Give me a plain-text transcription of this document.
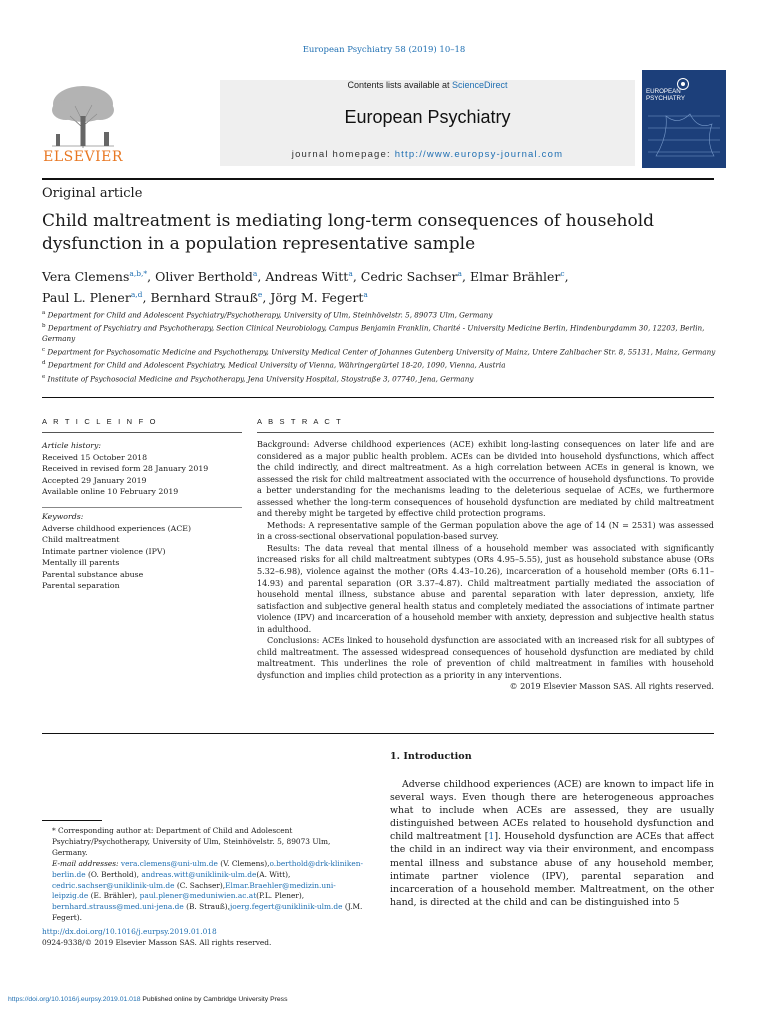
European Psychiatry 58 (2019) 10–18
ELSEVIER
Contents lists available at ScienceDirect
European Psychiatry
journal homepage: http://www.europsy-journal.com
EUROPEAN
PSYCHIATRY
Original article
Child maltreatment is mediating long-term consequences of household dysfunction in a population representative sample
Vera Clemens$^{a,b,*}$, Oliver Berthold$^a$, Andreas Witt$^a$, Cedric Sachser$^a$, Elmar Brähler$^c$,
Paul L. Plener$^{a,d}$, Bernhard Strauß$^e$, Jörg M. Fegert$^a$
$^a$ Department for Child and Adolescent Psychiatry/Psychotherapy, University of Ulm, Steinhövelstr. 5, 89073 Ulm, Germany
$^b$ Department of Psychiatry and Psychotherapy, Section Clinical Neurobiology, Campus Benjamin Franklin, Charité - University Medicine Berlin, Hindenburgdamm 30, 12203, Berlin, Germany
$^c$ Department for Psychosomatic Medicine and Psychotherapy, University Medical Center of Johannes Gutenberg University of Mainz, Untere Zahlbacher Str. 8, 55131, Mainz, Germany
$^d$ Department for Child and Adolescent Psychiatry, Medical University of Vienna, Währingergürtel 18-20, 1090, Vienna, Austria
$^e$ Institute of Psychosocial Medicine and Psychotherapy, Jena University Hospital, Stoystraße 3, 07740, Jena, Germany
A R T I C L E I N F O
Article history:
Received 15 October 2018
Received in revised form 28 January 2019
Accepted 29 January 2019
Available online 10 February 2019
Keywords:
Adverse childhood experiences (ACE)
Child maltreatment
Intimate partner violence (IPV)
Mentally ill parents
Parental substance abuse
Parental separation
A B S T R A C T

Background: Adverse childhood experiences (ACE) exhibit long-lasting consequences on later life and are considered as a major public health problem. ACEs can be divided into household dysfunctions, which affect the child indirectly, and direct maltreatment. As a high correlation between ACEs in general is known, we assessed the risk for child maltreatment associated with the occurrence of household dysfunctions. To provide a better understanding for the mechanisms leading to the deleterious sequelae of ACEs, we furthermore assessed whether the long-term consequences of household dysfunction are mediated by child maltreatment and thereby might be targeted by effective child protection programs.

Methods: A representative sample of the German population above the age of 14 (N = 2531) was assessed in a cross-sectional observational population-based survey.

Results: The data reveal that mental illness of a household member was associated with significantly increased risks for all child maltreatment subtypes (ORs 4.95–5.55), just as household substance abuse (ORs 5.32–6.98), violence against the mother (ORs 4.43–10.26), incarceration of a household member (ORs 6.11–14.93) and parental separation (OR 3.37–4.87). Child maltreatment partially mediated the association of household mental illness, substance abuse and parental separation with later depression, anxiety, life satisfaction and subjective general health status and completely mediated the associations of intimate partner violence (IPV) and incarceration of a household member with anxiety, depression and subjective health status in adulthood.

Conclusions: ACEs linked to household dysfunction are associated with an increased risk for all subtypes of child maltreatment. The assessed widespread consequences of household dysfunction are mediated by child maltreatment. This underlines the role of prevention of child maltreatment in families with household dysfunction and implies child protection as a priority in any interventions.

© 2019 Elsevier Masson SAS. All rights reserved.

1. Introduction
Adverse childhood experiences (ACE) are known to impact life in several ways. Even though there are heterogeneous approaches what to include when ACEs are assessed, they are usually distinguished between ACEs related to household dysfunction and child maltreatment [1]. Household dysfunction are ACEs that affect the child in an indirect way via their environment, and encompass mental illness and substance abuse of any household member, intimate partner violence (IPV), parental separation and incarceration of a household member. Maltreatment, on the other hand, is directed at the child and can be distinguished into 5
* Corresponding author at: Department of Child and Adolescent Psychiatry/Psychotherapy, University of Ulm, Steinhövelstr. 5, 89073 Ulm, Germany.
E-mail addresses: vera.clemens@uni-ulm.de (V. Clemens),o.berthold@drk-kliniken-berlin.de (O. Berthold), andreas.witt@uniklinik-ulm.de(A. Witt), cedric.sachser@uniklinik-ulm.de (C. Sachser),Elmar.Braehler@medizin.uni-leipzig.de (E. Brähler), paul.plener@meduniwien.ac.at(P.L. Plener), bernhard.strauss@med.uni-jena.de (B. Strauß),joerg.fegert@uniklinik-ulm.de (J.M. Fegert).
http://dx.doi.org/10.1016/j.eurpsy.2019.01.018
0924-9338/© 2019 Elsevier Masson SAS. All rights reserved.
https://doi.org/10.1016/j.eurpsy.2019.01.018 Published online by Cambridge University Press
